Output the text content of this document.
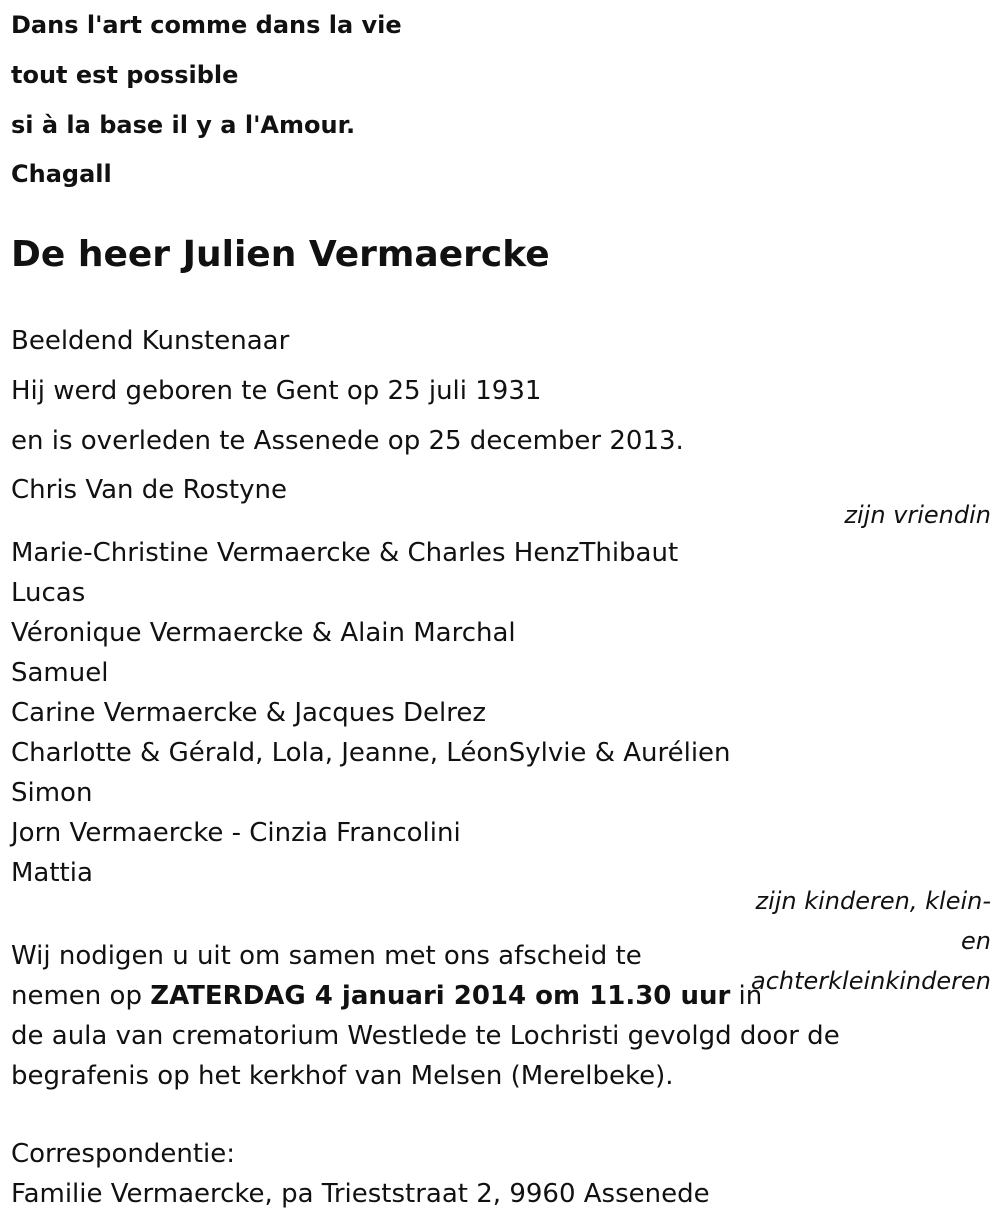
Dans l'art comme dans la vie
tout est possible
si à la base il y a l'Amour.
Chagall
De heer Julien Vermaercke
Beeldend Kunstenaar
Hij werd geboren te Gent op 25 juli 1931
en is overleden te Assenede op 25 december 2013.
Chris Van de Rostyne
zijn vriendin
Marie-Christine Vermaercke & Charles HenzThibaut
Lucas
Véronique Vermaercke & Alain Marchal
Samuel
Carine Vermaercke & Jacques Delrez
Charlotte & Gérald, Lola, Jeanne, LéonSylvie & Aurélien
Simon
Jorn Vermaercke - Cinzia Francolini
Mattia
zijn kinderen, klein-
en
achterkleinkinderen
Wij nodigen u uit om samen met ons afscheid te
nemen op ZATERDAG 4 januari 2014 om 11.30 uur in
de aula van crematorium Westlede te Lochristi gevolgd door de
begrafenis op het kerkhof van Melsen (Merelbeke).
Correspondentie:
Familie Vermaercke, pa Trieststraat 2, 9960 Assenede
